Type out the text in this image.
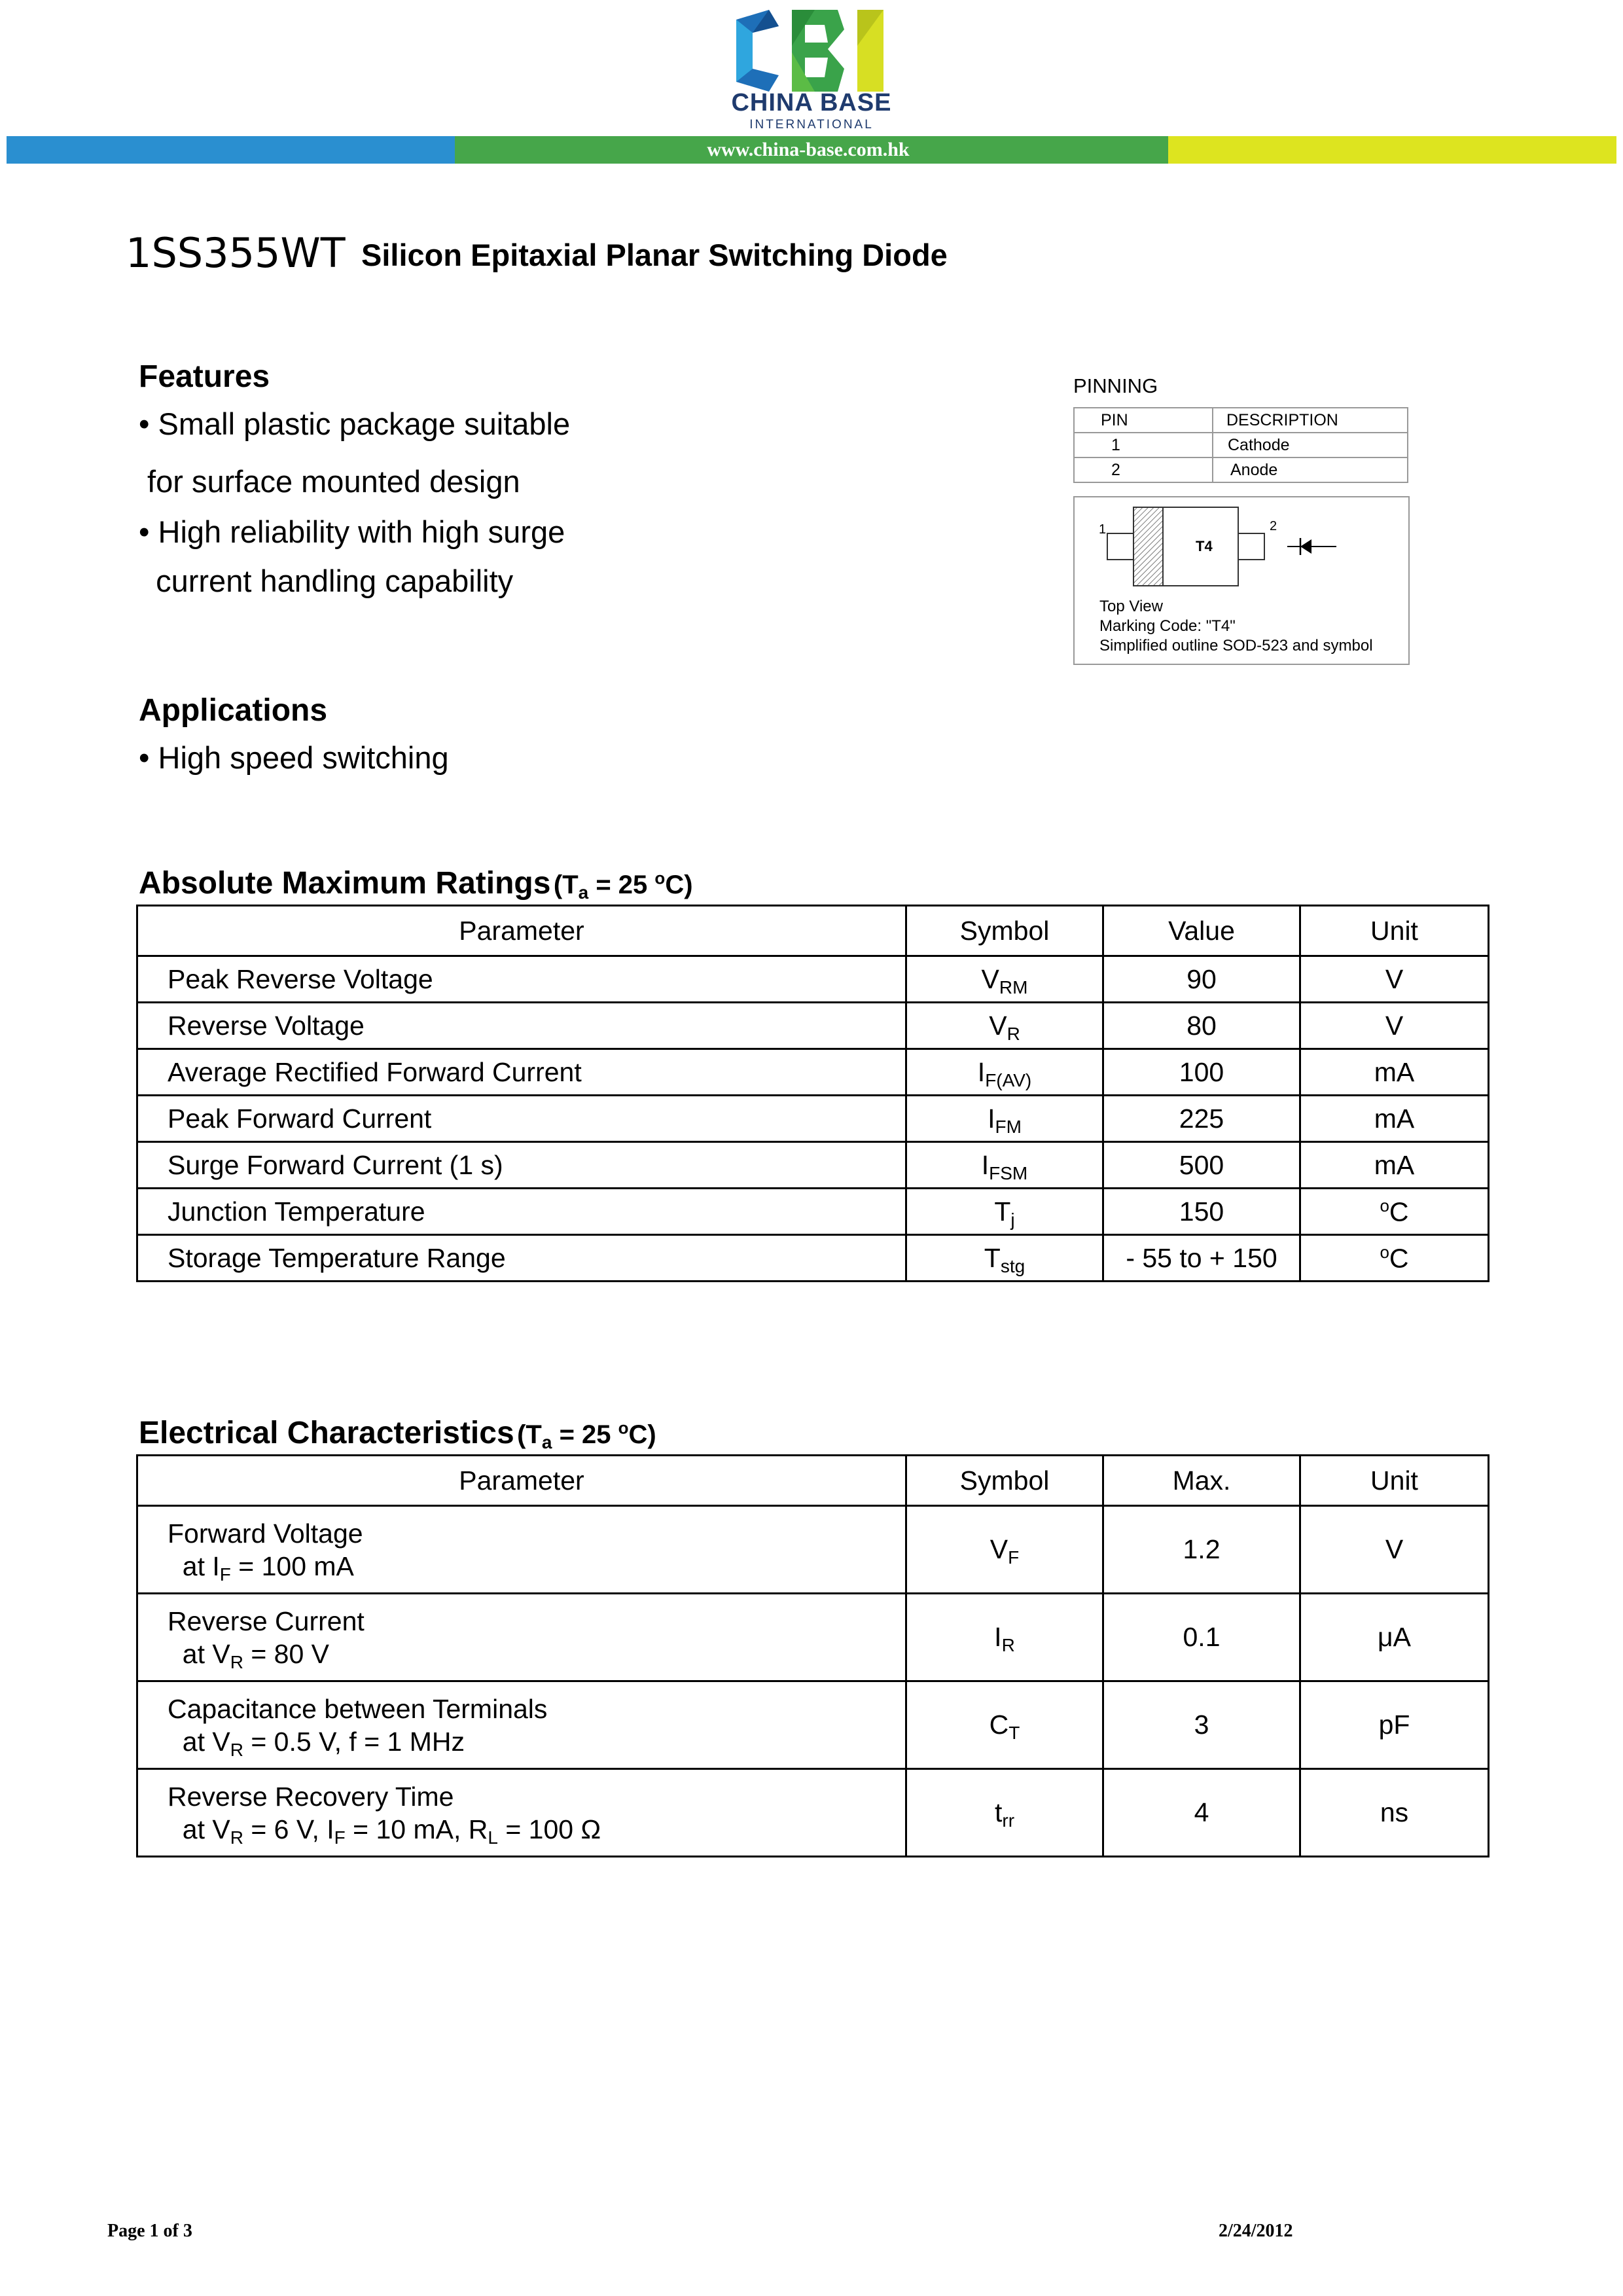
CBI CHINA BASE
INTERNATIONAL
www.china-base.com.hk
1SS355WT Silicon Epitaxial Planar Switching Diode
Features
• Small plastic package suitable
for surface mounted design
• High reliability with high surge
current handling capability
Applications
• High speed switching
PINNING
PIN	DESCRIPTION
1	Cathode
2	Anode
1	2
T4
Top View
Marking Code: "T4"
Simplified outline SOD-523 and symbol
Absolute Maximum Ratings ($T_a = 25$ $^o$C)
Parameter	Symbol	Value	Unit
Peak Reverse Voltage	$V_{RM}$	90	V
Reverse Voltage	$V_R$	80	V
Average Rectified Forward Current	$I_{F(AV)}$	100	mA
Peak Forward Current	$I_{FM}$	225	mA
Surge Forward Current (1 s)	$I_{FSM}$	500	mA
Junction Temperature	$T_j$	150	$^o$C
Storage Temperature Range	$T_{stg}$	- 55 to + 150	$^o$C
Electrical Characteristics ($T_a = 25$ $^o$C)
Parameter	Symbol	Max.	Unit

Forward Voltage
at $I_F = 100$ mA	$V_F$	1.2	V

Reverse Current
at $V_R = 80$ V	$I_R$	0.1	μA

Capacitance between Terminals
at $V_R = 0.5$ V, f = 1 MHz	$C_T$	3	pF

Reverse Recovery Time
at $V_R = 6$ V, $I_F = 10$ mA, $R_L = 100$ Ω	$t_{rr}$	4	ns
Page 1 of 3	2/24/2012
